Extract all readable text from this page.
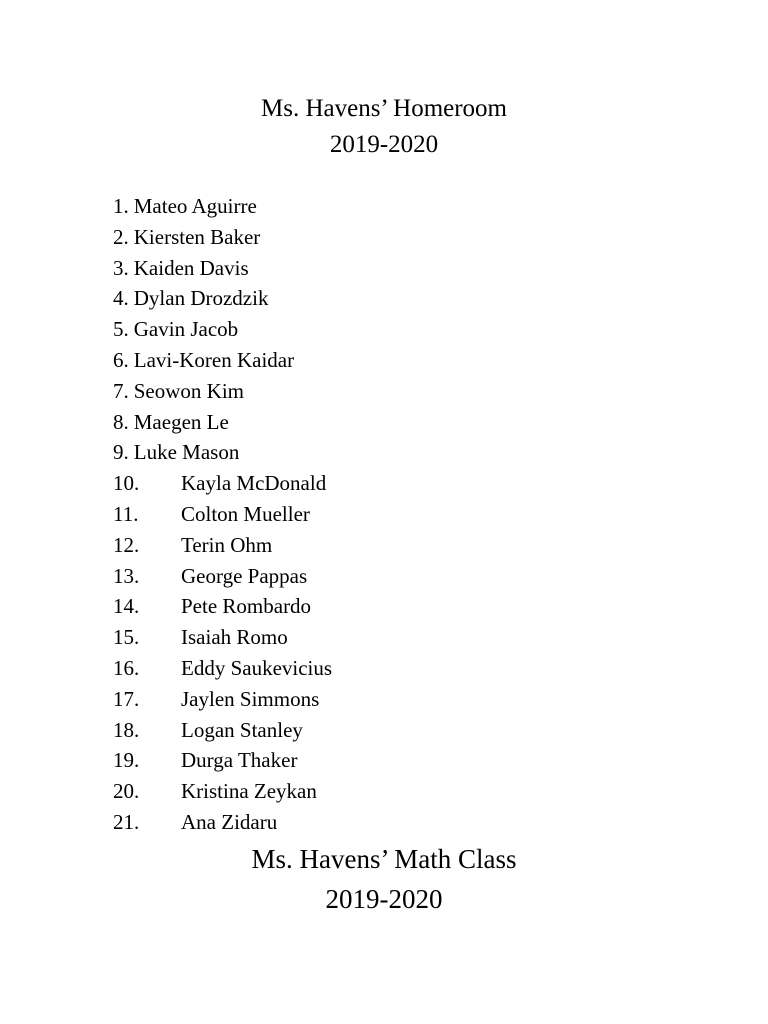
Ms. Havens’ Homeroom
2019-2020
1. Mateo Aguirre
2. Kiersten Baker
3. Kaiden Davis
4. Dylan Drozdzik
5. Gavin Jacob
6. Lavi-Koren Kaidar
7. Seowon Kim
8. Maegen Le
9. Luke Mason
10. Kayla McDonald
11. Colton Mueller
12. Terin Ohm
13. George Pappas
14. Pete Rombardo
15. Isaiah Romo
16. Eddy Saukevicius
17. Jaylen Simmons
18. Logan Stanley
19. Durga Thaker
20. Kristina Zeykan
21. Ana Zidaru
Ms. Havens’ Math Class
2019-2020
